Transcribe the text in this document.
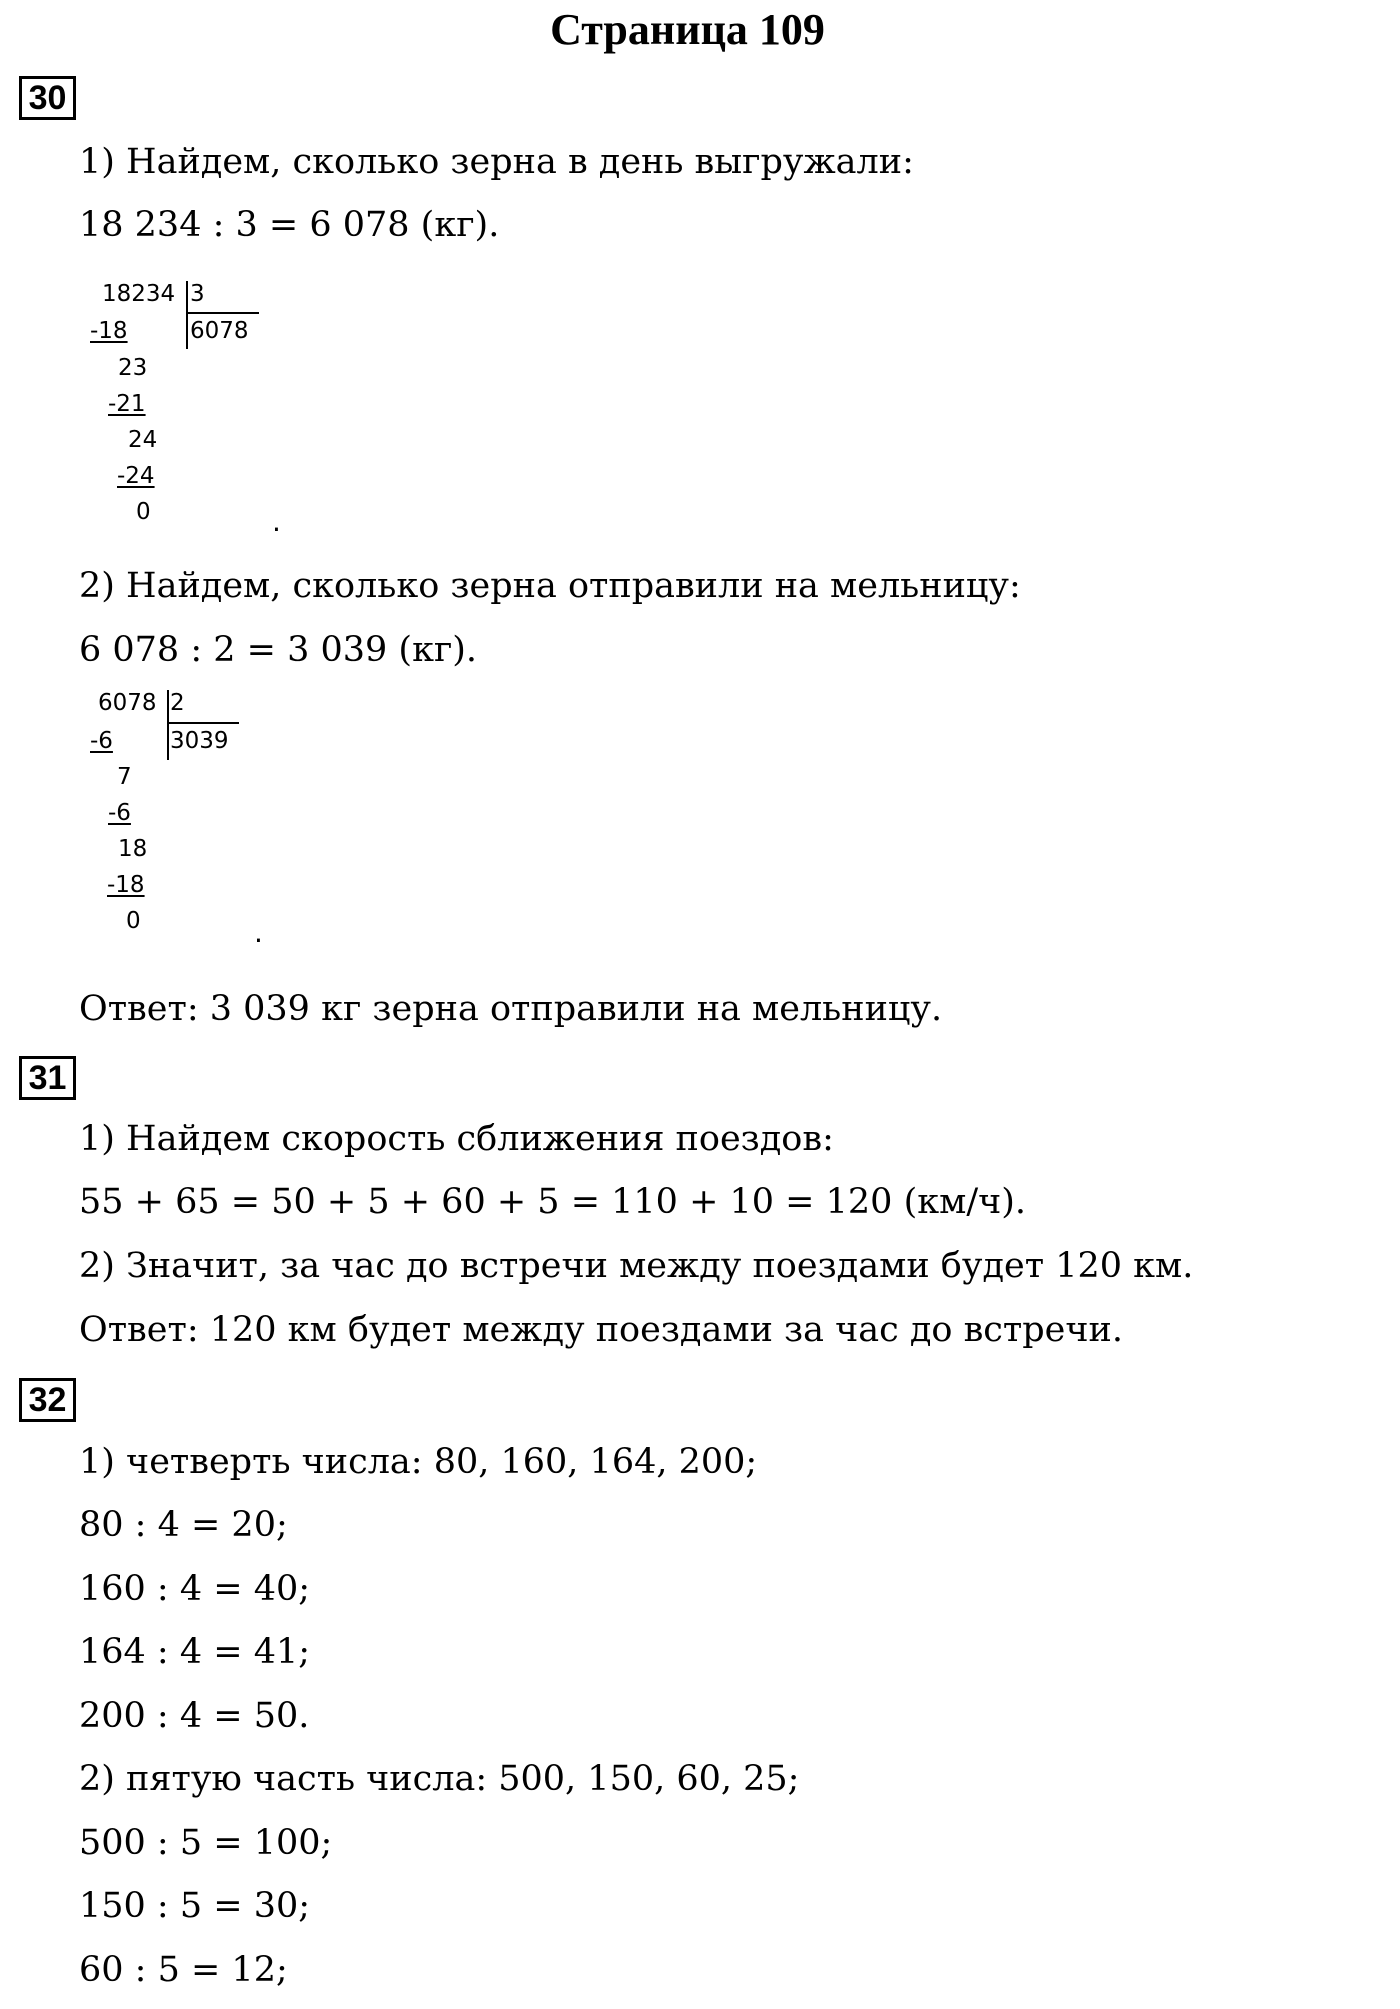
Страница 109
30
1) Найдем, сколько зерна в день выгружали:
18 234 : 3 = 6 078 (кг).
18234 3
6078
-18
23
-21
24
-24
0	.
2) Найдем, сколько зерна отправили на мельницу:
6 078 : 2 = 3 039 (кг).
6078 2
3039
-6
7
-6
18
-18
0	.
Ответ: 3 039 кг зерна отправили на мельницу.
31
1) Найдем скорость сближения поездов:
55 + 65 = 50 + 5 + 60 + 5 = 110 + 10 = 120 (км/ч).
2) Значит, за час до встречи между поездами будет 120 км.
Ответ: 120 км будет между поездами за час до встречи.
32
1) четверть числа: 80, 160, 164, 200;
80 : 4 = 20;
160 : 4 = 40;
164 : 4 = 41;
200 : 4 = 50.
2) пятую часть числа: 500, 150, 60, 25;
500 : 5 = 100;
150 : 5 = 30;
60 : 5 = 12;
